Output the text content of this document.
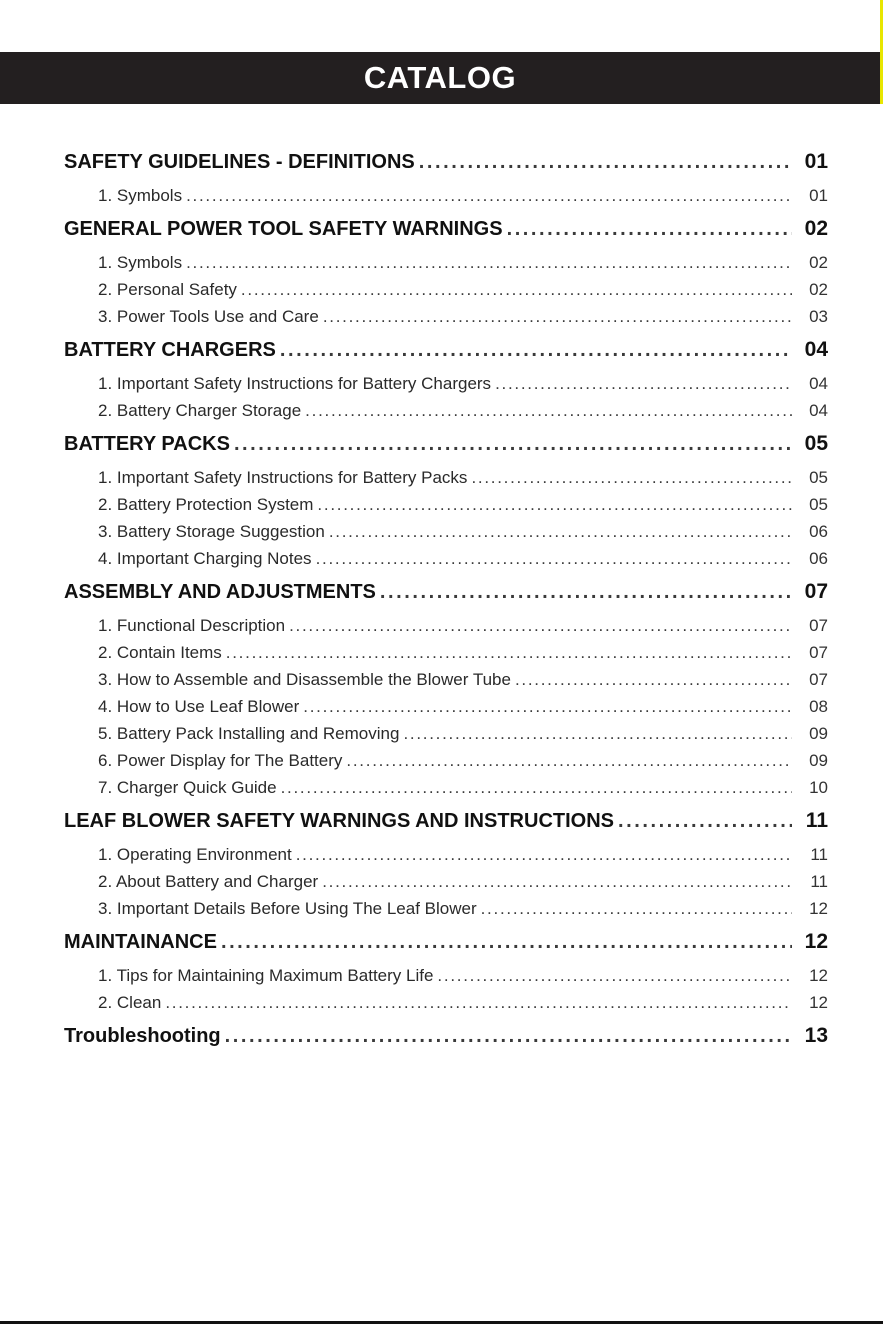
CATALOG
SAFETY GUIDELINES - DEFINITIONS . . .	01
1. Symbols . . .	01
GENERAL POWER TOOL SAFETY WARNINGS . . .	02
1. Symbols . . .	02
2. Personal Safety . . .	02
3. Power Tools Use and Care . . .	03
BATTERY CHARGERS . . .	04
1. Important Safety Instructions for Battery Chargers . . .	04
2. Battery Charger Storage . . .	04
BATTERY PACKS . . .	05
1. Important Safety Instructions for Battery Packs . . .	05
2. Battery Protection System . . .	05
3. Battery Storage Suggestion . . .	06
4. Important Charging Notes . . .	06
ASSEMBLY AND ADJUSTMENTS . . .	07
1. Functional Description . . .	07
2. Contain Items . . .	07
3. How to Assemble and Disassemble the Blower Tube . . .	07
4. How to Use Leaf Blower . . .	08
5. Battery Pack Installing and Removing . . .	09
6. Power Display for The Battery . . .	09
7. Charger Quick Guide . . .	10
LEAF BLOWER SAFETY WARNINGS AND INSTRUCTIONS . . .	11
1. Operating Environment . . .	11
2. About Battery and Charger . . .	11
3. Important Details Before Using The Leaf Blower . . .	12
MAINTAINANCE . . .	12
1. Tips for Maintaining Maximum Battery Life . . .	12
2. Clean . . .	12
Troubleshooting . . .	13
